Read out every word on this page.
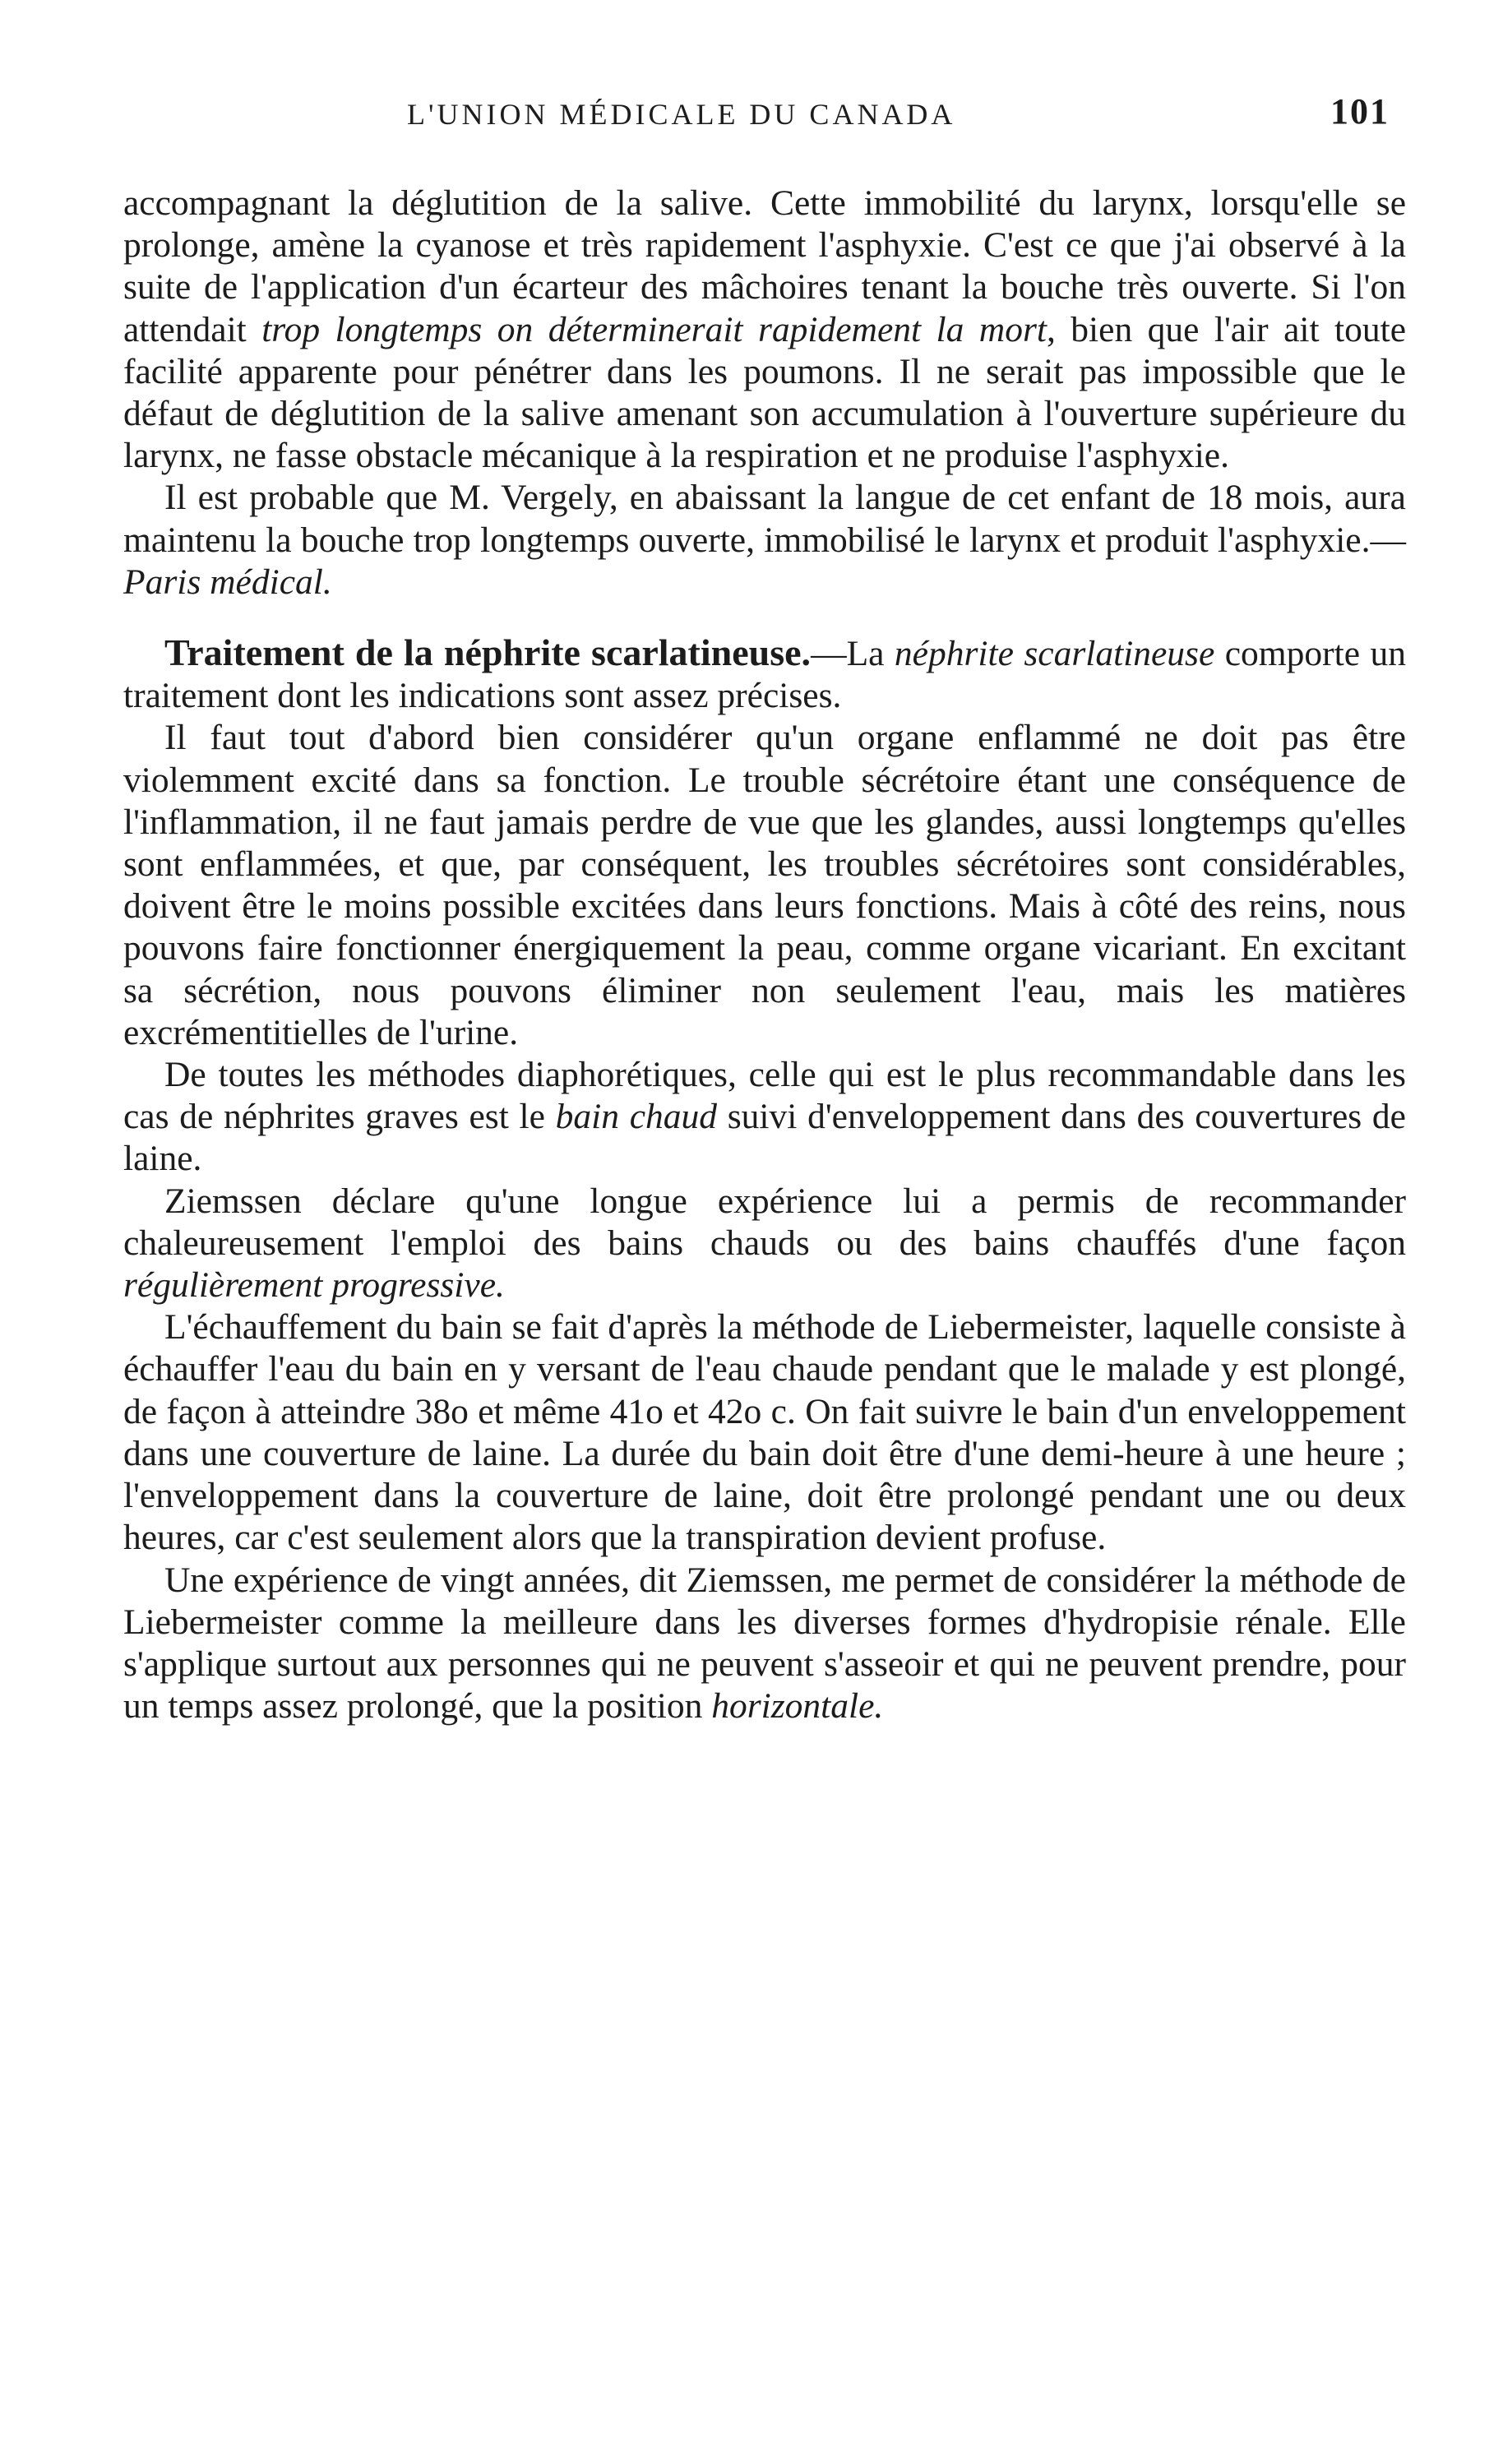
L'UNION MÉDICALE DU CANADA	101

accompagnant la déglutition de la salive. Cette immobilité du larynx, lorsqu'elle se prolonge, amène la cyanose et très rapidement l'asphyxie. C'est ce que j'ai observé à la suite de l'application d'un écarteur des mâchoires tenant la bouche très ouverte. Si l'on attendait trop longtemps on déterminerait rapidement la mort, bien que l'air ait toute facilité apparente pour pénétrer dans les poumons. Il ne serait pas impossible que le défaut de déglutition de la salive amenant son accumulation à l'ouverture supérieure du larynx, ne fasse obstacle mécanique à la respiration et ne produise l'asphyxie.

Il est probable que M. Vergely, en abaissant la langue de cet enfant de 18 mois, aura maintenu la bouche trop longtemps ouverte, immobilisé le larynx et produit l'asphyxie.—Paris médical.

Traitement de la néphrite scarlatineuse.—La néphrite scarlatineuse comporte un traitement dont les indications sont assez précises.

Il faut tout d'abord bien considérer qu'un organe enflammé ne doit pas être violemment excité dans sa fonction. Le trouble sécrétoire étant une conséquence de l'inflammation, il ne faut jamais perdre de vue que les glandes, aussi longtemps qu'elles sont enflammées, et que, par conséquent, les troubles sécrétoires sont considérables, doivent être le moins possible excitées dans leurs fonctions. Mais à côté des reins, nous pouvons faire fonctionner énergiquement la peau, comme organe vicariant. En excitant sa sécrétion, nous pouvons éliminer non seulement l'eau, mais les matières excrémentitielles de l'urine.

De toutes les méthodes diaphorétiques, celle qui est le plus recommandable dans les cas de néphrites graves est le bain chaud suivi d'enveloppement dans des couvertures de laine.

Ziemssen déclare qu'une longue expérience lui a permis de recommander chaleureusement l'emploi des bains chauds ou des bains chauffés d'une façon régulièrement progressive.

L'échauffement du bain se fait d'après la méthode de Liebermeister, laquelle consiste à échauffer l'eau du bain en y versant de l'eau chaude pendant que le malade y est plongé, de façon à atteindre 38o et même 41o et 42o c. On fait suivre le bain d'un enveloppement dans une couverture de laine. La durée du bain doit être d'une demi-heure à une heure ; l'enveloppement dans la couverture de laine, doit être prolongé pendant une ou deux heures, car c'est seulement alors que la transpiration devient profuse.

Une expérience de vingt années, dit Ziemssen, me permet de considérer la méthode de Liebermeister comme la meilleure dans les diverses formes d'hydropisie rénale. Elle s'applique surtout aux personnes qui ne peuvent s'asseoir et qui ne peuvent prendre, pour un temps assez prolongé, que la position horizontale.
